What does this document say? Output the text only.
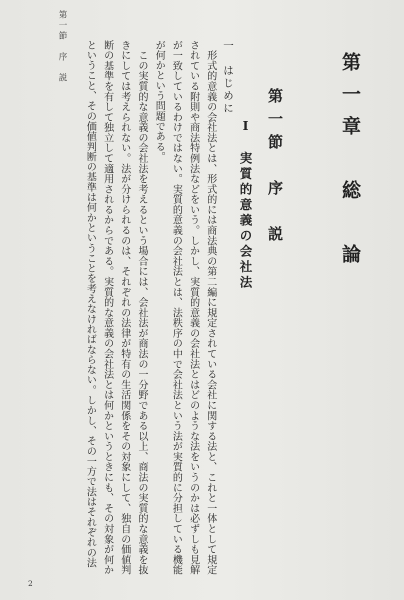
第一節　序　説

第一章　総　論
第一節　序　説
Ⅰ　実質的意義の会社法
一　はじめに
　形式的意義の会社法とは、形式的には商法典の第二編に規定されている会社に関する法と、これと一体として規定されている附則や商法特例法などをいう。しかし、実質的意義の会社法とはどのような法をいうのかは必ずしも見解が一致しているわけではない。実質的意義の会社法とは、法秩序の中で会社法という法が実質的に分担している機能が何かという問題である。
　この実質的な意義の会社法を考えるという場合には、会社法が商法の一分野である以上、商法の実質的な意義を抜きにしては考えられない。法が分けられるのは、それぞれの法律が特有の生活関係をその対象にして、独自の価値判断の基準を有して独立して適用されるからである。実質的な意義の会社法とは何かというときにも、その対象が何かということ、その価値判断の基準は何かということを考えなければならない。しかし、その一方で法はそれぞれの法

2
